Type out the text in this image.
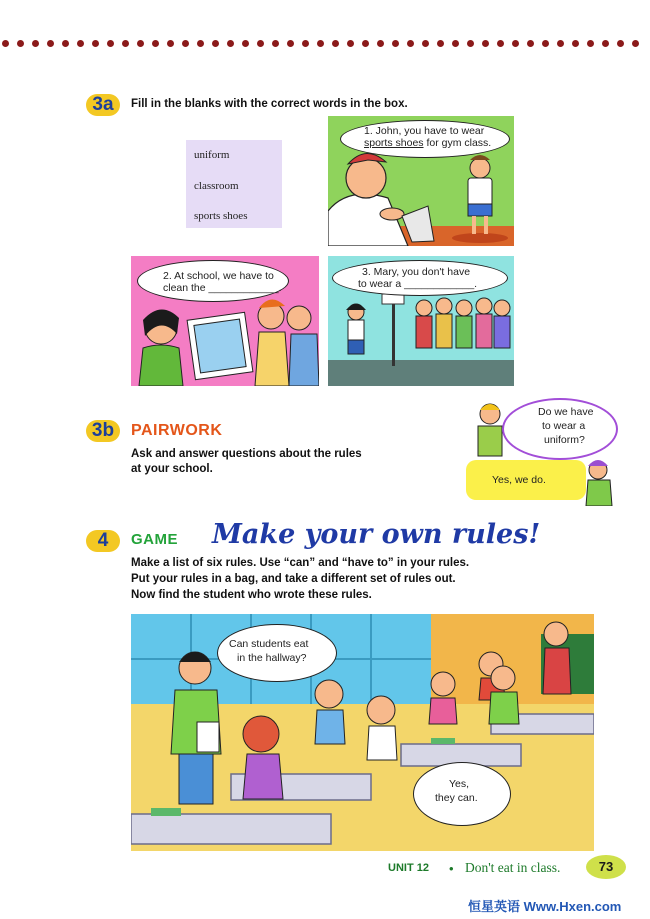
3a	Fill in the blanks with the correct words in the box.
uniform
classroom
sports shoes
1. John, you have to wear
sports shoes for gym class.
2. At school, we have to
clean the ____________.
3. Mary, you don't have
to wear a ____________.
3b	PAIRWORK
Ask and answer questions about the rules
at your school.
Do we have
to wear a
uniform?
Yes, we do.
4	GAME Make your own rules!
Make a list of six rules. Use “can” and “have to” in your rules.
Put your rules in a bag, and take a different set of rules out.
Now find the student who wrote these rules.
Can students eat
in the hallway?
Yes,
they can.
UNIT 12 • Don't eat in class.	73
恒星英语 Www.Hxen.com
